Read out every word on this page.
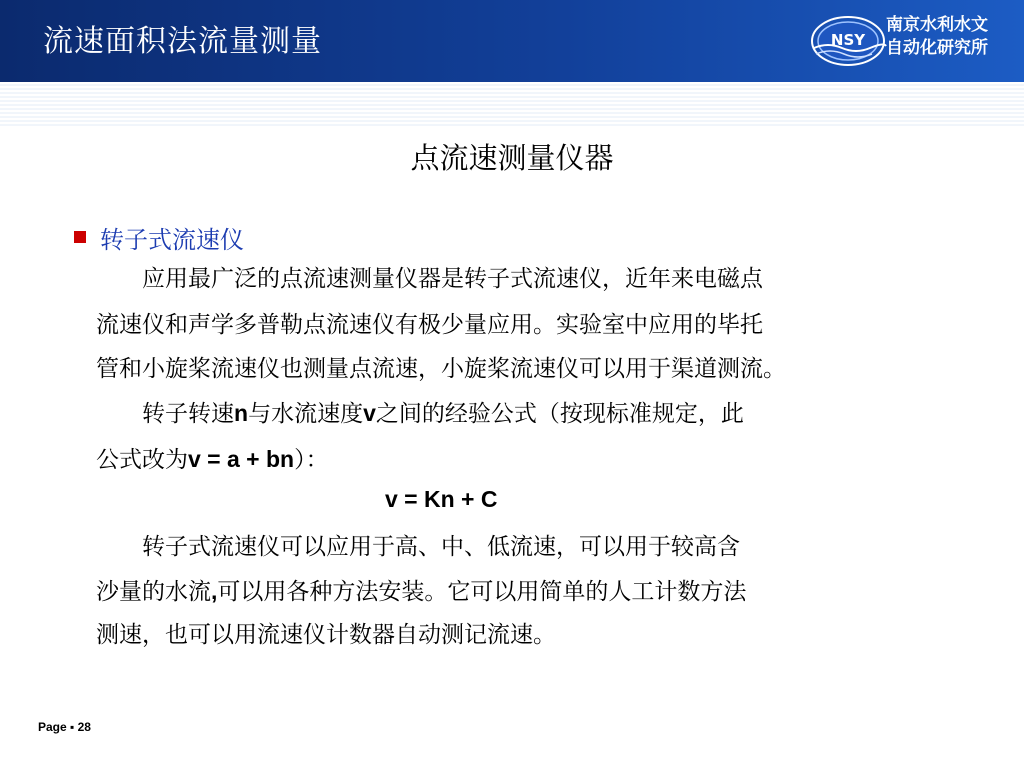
流速面积法流量测量	NSY
南京水利水文
自动化研究所
点流速测量仪器
转子式流速仪
　　应用最广泛的点流速测量仪器是转子式流速仪，近年来电磁点
流速仪和声学多普勒点流速仪有极少量应用。实验室中应用的毕托
管和小旋桨流速仪也测量点流速，小旋桨流速仪可以用于渠道测流。
　　转子转速n与水流速度v之间的经验公式（按现标准规定，此
公式改为v = a + bn）：
v = Kn + C
　　转子式流速仪可以应用于高、中、低流速，可以用于较高含
沙量的水流,可以用各种方法安装。它可以用简单的人工计数方法
测速，也可以用流速仪计数器自动测记流速。
Page ▪ 28
